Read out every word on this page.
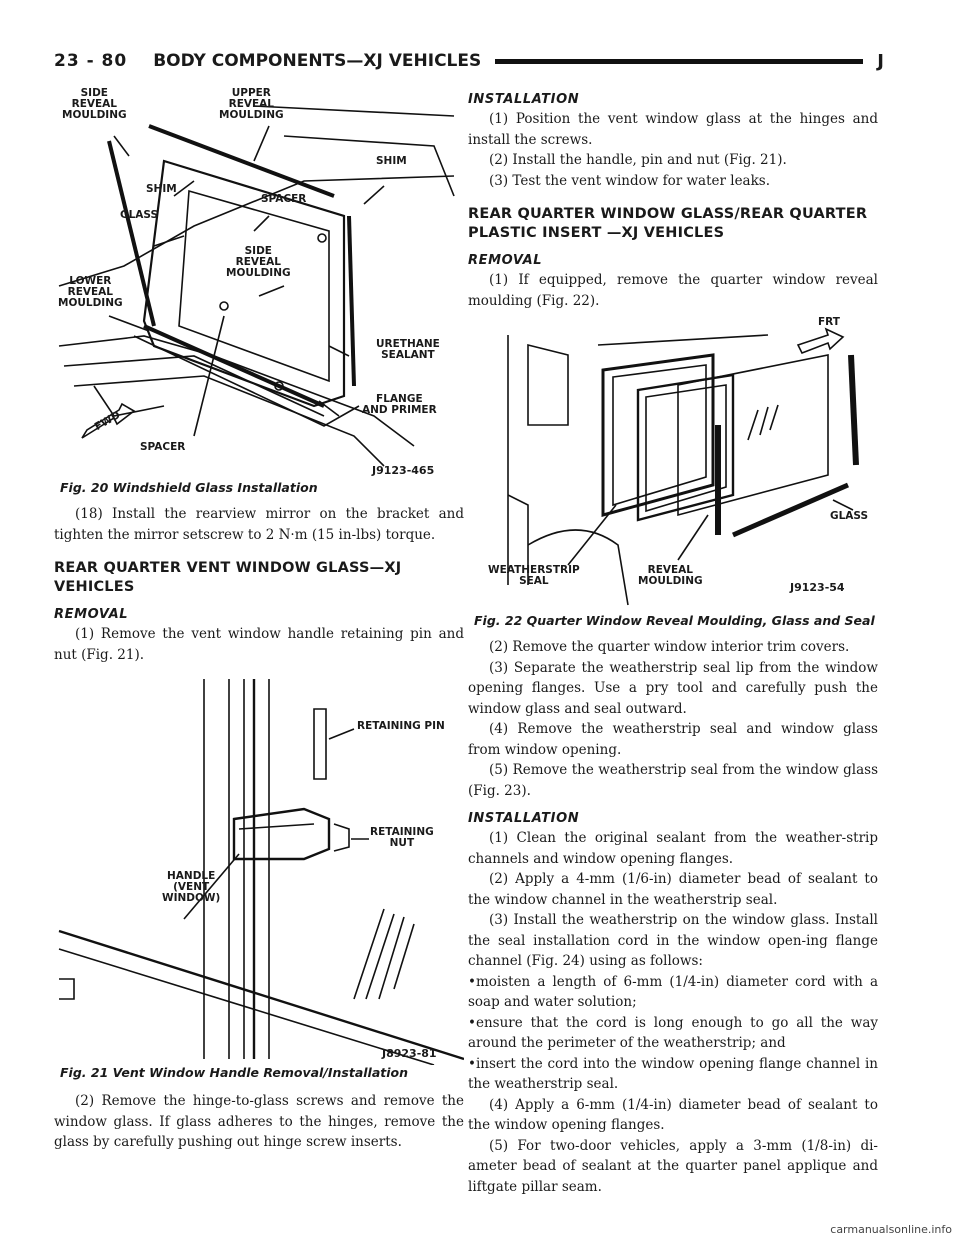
23 - 80 BODY COMPONENTS—XJ VEHICLES	J
SIDE
REVEAL
MOULDING
UPPER
REVEAL
MOULDING
SHIM
SHIM
SPACER
GLASS
SIDE
REVEAL
MOULDING
LOWER
REVEAL
MOULDING
URETHANE
SEALANT
FLANGE
AND PRIMER
FWD
SPACER
J9123-465
Fig. 20 Windshield Glass Installation

(18) Install the rearview mirror on the bracket and tighten the mirror setscrew to 2 N·m (15 in-lbs) torque.

REAR QUARTER VENT WINDOW GLASS—XJ VEHICLES
REMOVAL

(1) Remove the vent window handle retaining pin and nut (Fig. 21).

RETAINING PIN
RETAINING
NUT
HANDLE
(VENT
WINDOW)
J8923-81
Fig. 21 Vent Window Handle Removal/Installation

(2) Remove the hinge-to-glass screws and remove the window glass. If glass adheres to the hinges, remove the glass by carefully pushing out hinge screw inserts.

INSTALLATION

(1) Position the vent window glass at the hinges and install the screws.

(2) Install the handle, pin and nut (Fig. 21).

(3) Test the vent window for water leaks.

REAR QUARTER WINDOW GLASS/REAR QUARTER PLASTIC INSERT —XJ VEHICLES
REMOVAL

(1) If equipped, remove the quarter window reveal moulding (Fig. 22).

FRT
GLASS
WEATHERSTRIP
SEAL
REVEAL
MOULDING	J9123-54
Fig. 22 Quarter Window Reveal Moulding, Glass and Seal

(2) Remove the quarter window interior trim covers.

(3) Separate the weatherstrip seal lip from the window opening flanges. Use a pry tool and carefully push the window glass and seal outward.

(4) Remove the weatherstrip seal and window glass from window opening.

(5) Remove the weatherstrip seal from the window glass (Fig. 23).

INSTALLATION

(1) Clean the original sealant from the weather-strip channels and window opening flanges.

(2) Apply a 4-mm (1/6-in) diameter bead of sealant to the window channel in the weatherstrip seal.

(3) Install the weatherstrip on the window glass. Install the seal installation cord in the window open-ing flange channel (Fig. 24) using as follows:

•moisten a length of 6-mm (1/4-in) diameter cord with a soap and water solution;

•ensure that the cord is long enough to go all the way around the perimeter of the weatherstrip; and

•insert the cord into the window opening flange channel in the weatherstrip seal.

(4) Apply a 6-mm (1/4-in) diameter bead of sealant to the window opening flanges.

(5) For two-door vehicles, apply a 3-mm (1/8-in) di-ameter bead of sealant at the quarter panel applique and liftgate pillar seam.

carmanualsonline.info
